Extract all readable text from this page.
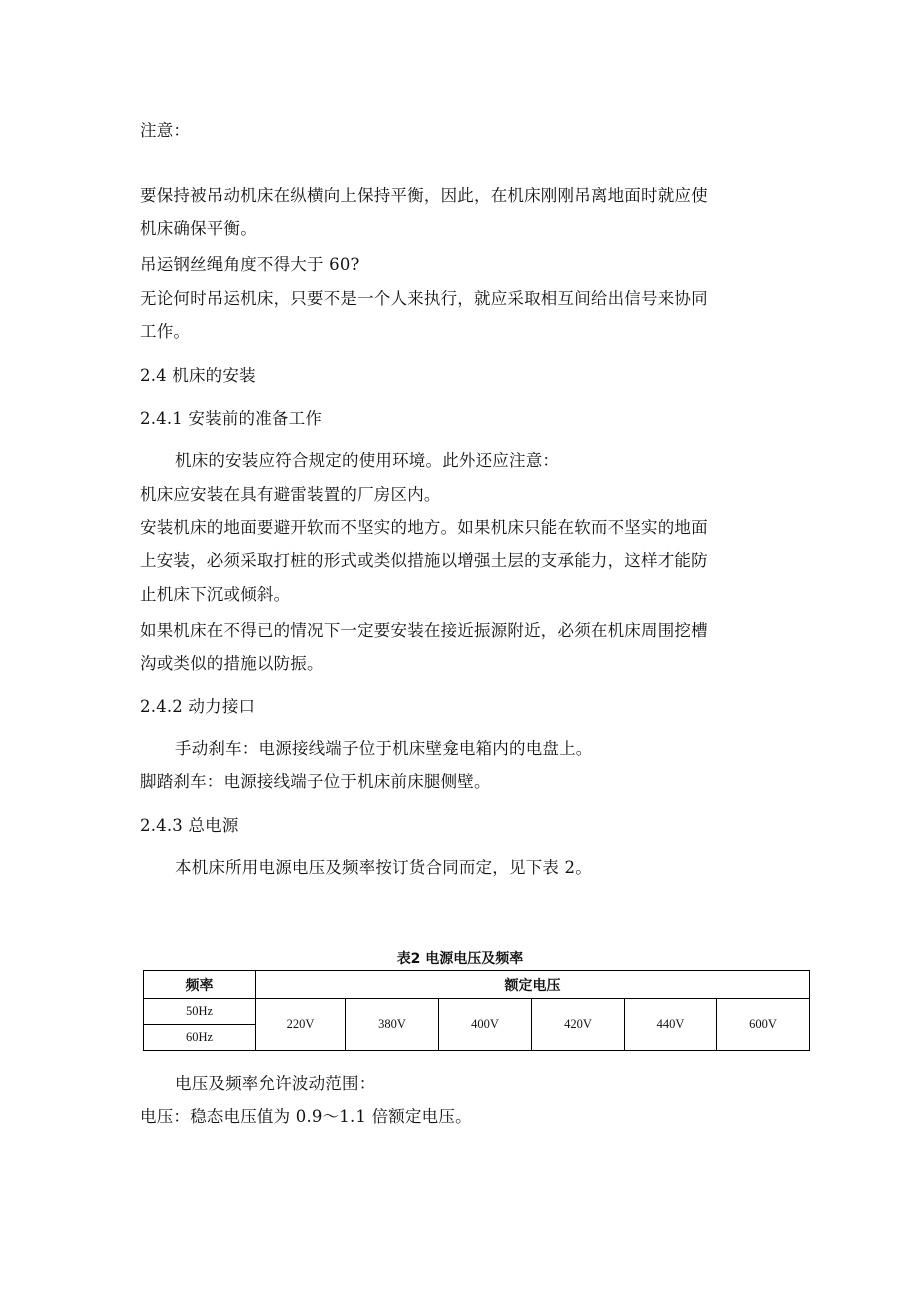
注意：

要保持被吊动机床在纵横向上保持平衡，因此，在机床刚刚吊离地面时就应使

机床确保平衡。

吊运钢丝绳角度不得大于 60?

无论何时吊运机床，只要不是一个人来执行，就应采取相互间给出信号来协同

工作。

2.4 机床的安装

2.4.1 安装前的准备工作

机床的安装应符合规定的使用环境。此外还应注意：

机床应安装在具有避雷装置的厂房区内。

安装机床的地面要避开软而不坚实的地方。如果机床只能在软而不坚实的地面

上安装，必须采取打桩的形式或类似措施以增强土层的支承能力，这样才能防

止机床下沉或倾斜。

如果机床在不得已的情况下一定要安装在接近振源附近，必须在机床周围挖槽

沟或类似的措施以防振。

2.4.2 动力接口

手动刹车：电源接线端子位于机床壁龛电箱内的电盘上。

脚踏刹车：电源接线端子位于机床前床腿侧壁。

2.4.3 总电源

本机床所用电源电压及频率按订货合同而定，见下表 2。

表2 电源电压及频率
频率	额定电压					
50Hz	220V	380V	400V	420V	440V	600V
60Hz						

电压及频率允许波动范围：

电压：稳态电压值为 0.9～1.1 倍额定电压。
